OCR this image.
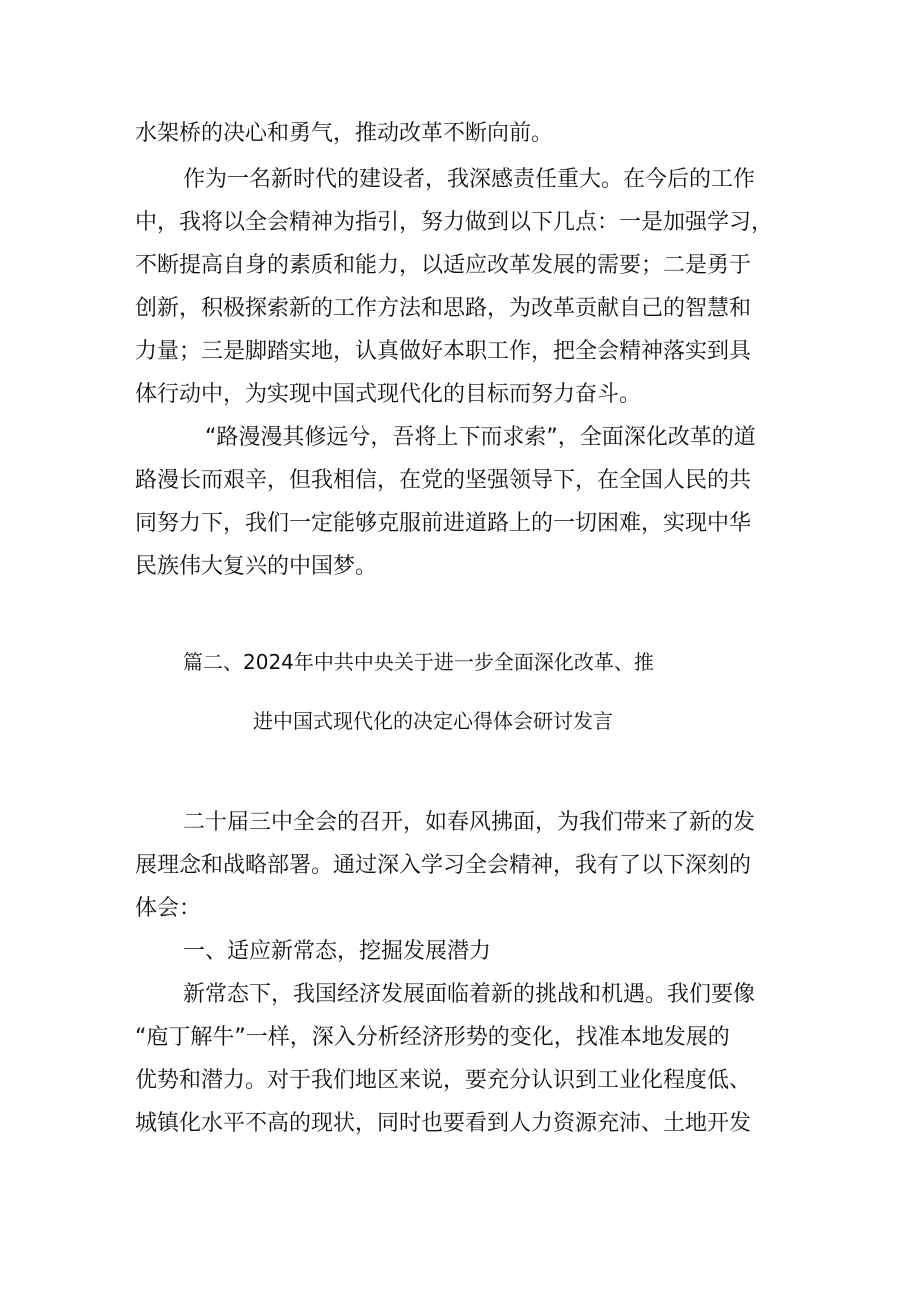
水架桥的决心和勇气，推动改革不断向前。

作为一名新时代的建设者，我深感责任重大。在今后的工作

中，我将以全会精神为指引，努力做到以下几点：一是加强学习，

不断提高自身的素质和能力，以适应改革发展的需要；二是勇于

创新，积极探索新的工作方法和思路，为改革贡献自己的智慧和

力量；三是脚踏实地，认真做好本职工作，把全会精神落实到具

体行动中，为实现中国式现代化的目标而努力奋斗。

“路漫漫其修远兮，吾将上下而求索”，全面深化改革的道

路漫长而艰辛，但我相信，在党的坚强领导下，在全国人民的共

同努力下，我们一定能够克服前进道路上的一切困难，实现中华

民族伟大复兴的中国梦。

篇二、2024年中共中央关于进一步全面深化改革、推

进中国式现代化的决定心得体会研讨发言

二十届三中全会的召开，如春风拂面，为我们带来了新的发

展理念和战略部署。通过深入学习全会精神，我有了以下深刻的

体会：

一、适应新常态，挖掘发展潜力

新常态下，我国经济发展面临着新的挑战和机遇。我们要像

“庖丁解牛”一样，深入分析经济形势的变化，找准本地发展的

优势和潜力。对于我们地区来说，要充分认识到工业化程度低、

城镇化水平不高的现状，同时也要看到人力资源充沛、土地开发
